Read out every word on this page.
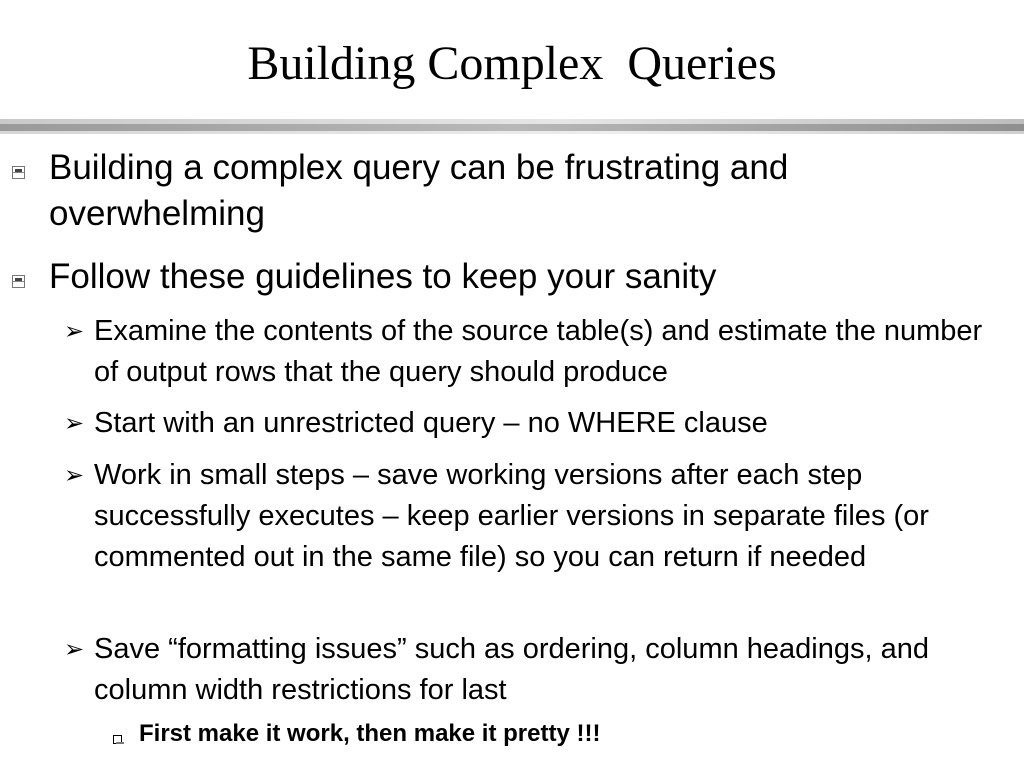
Building Complex  Queries
Building a complex query can be frustrating and overwhelming
Follow these guidelines to keep your sanity
➢ Examine the contents of the source table(s) and estimate the number of output rows that the query should produce
➢ Start with an unrestricted query – no WHERE clause
➢ Work in small steps – save working versions after each step successfully executes – keep earlier versions in separate files (or commented out in the same file) so you can return if needed
➢ Save “formatting issues” such as ordering, column headings, and column width restrictions for last
First make it work, then make it pretty !!!
